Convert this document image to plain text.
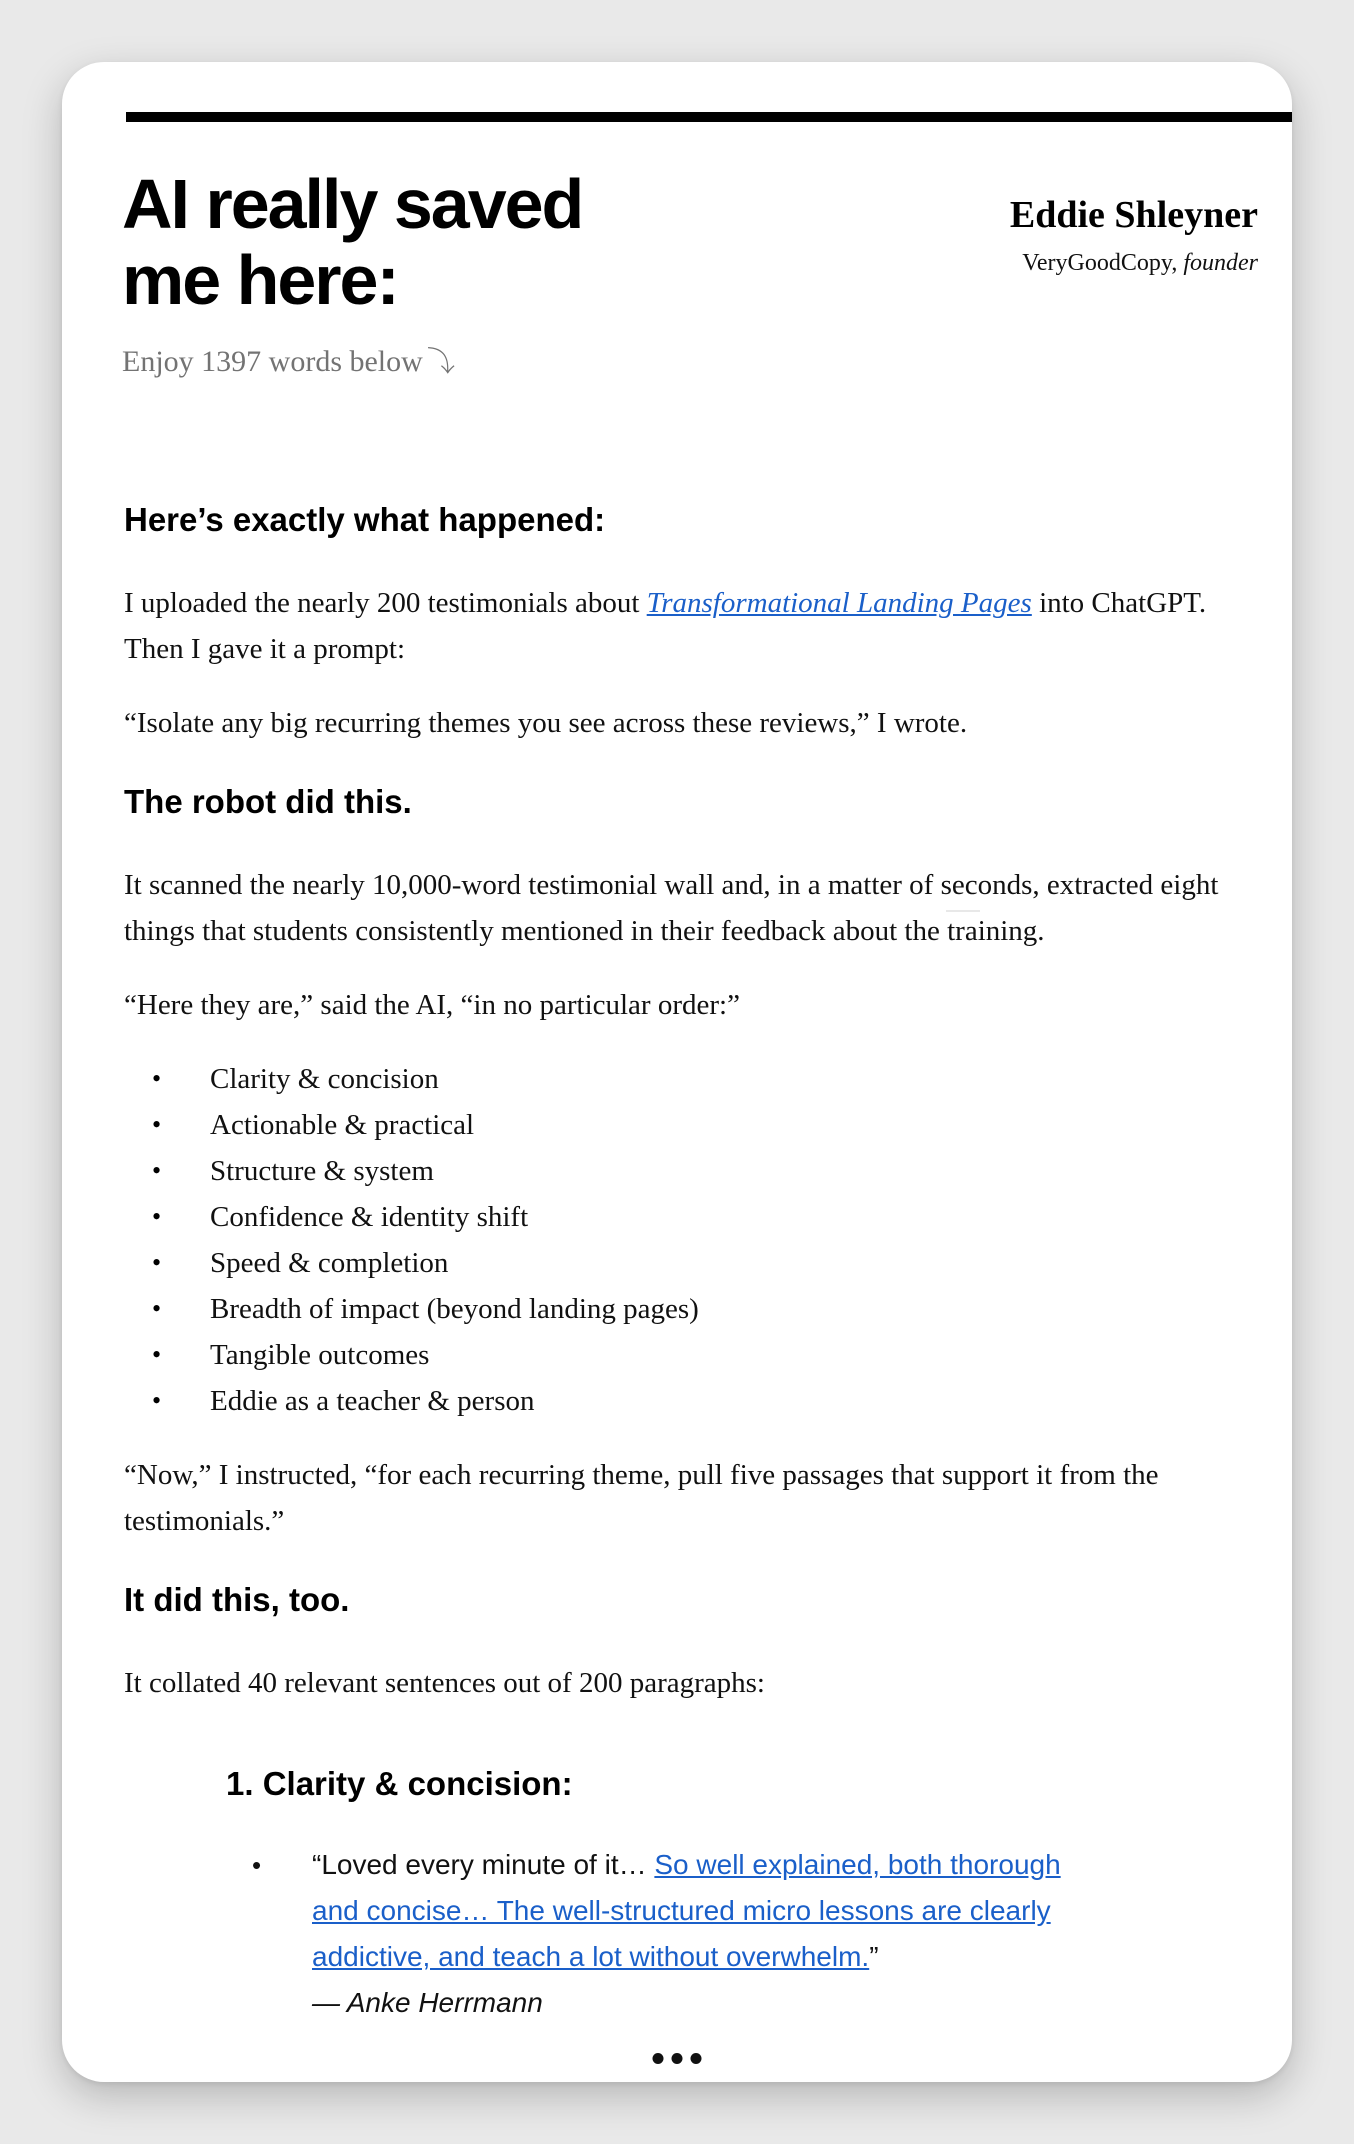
AI really saved
me here:
Enjoy 1397 words below ⤵
Eddie Shleyner
VeryGoodCopy, founder
Here’s exactly what happened:

I uploaded the nearly 200 testimonials about Transformational Landing Pages into ChatGPT. Then I gave it a prompt:

“Isolate any big recurring themes you see across these reviews,” I wrote.

The robot did this.

It scanned the nearly 10,000-word testimonial wall and, in a matter of seconds, extracted eight things that students consistently mentioned in their feedback about the training.

“Here they are,” said the AI, “in no particular order:”

• Clarity & concision
• Actionable & practical
• Structure & system
• Confidence & identity shift
• Speed & completion
• Breadth of impact (beyond landing pages)
• Tangible outcomes
• Eddie as a teacher & person

“Now,” I instructed, “for each recurring theme, pull five passages that support it from the testimonials.”

It did this, too.

It collated 40 relevant sentences out of 200 paragraphs:

1. Clarity & concision:
• “Loved every minute of it… So well explained, both thorough and concise… The well-structured micro lessons are clearly addictive, and teach a lot without overwhelm.”
— Anke Herrmann
